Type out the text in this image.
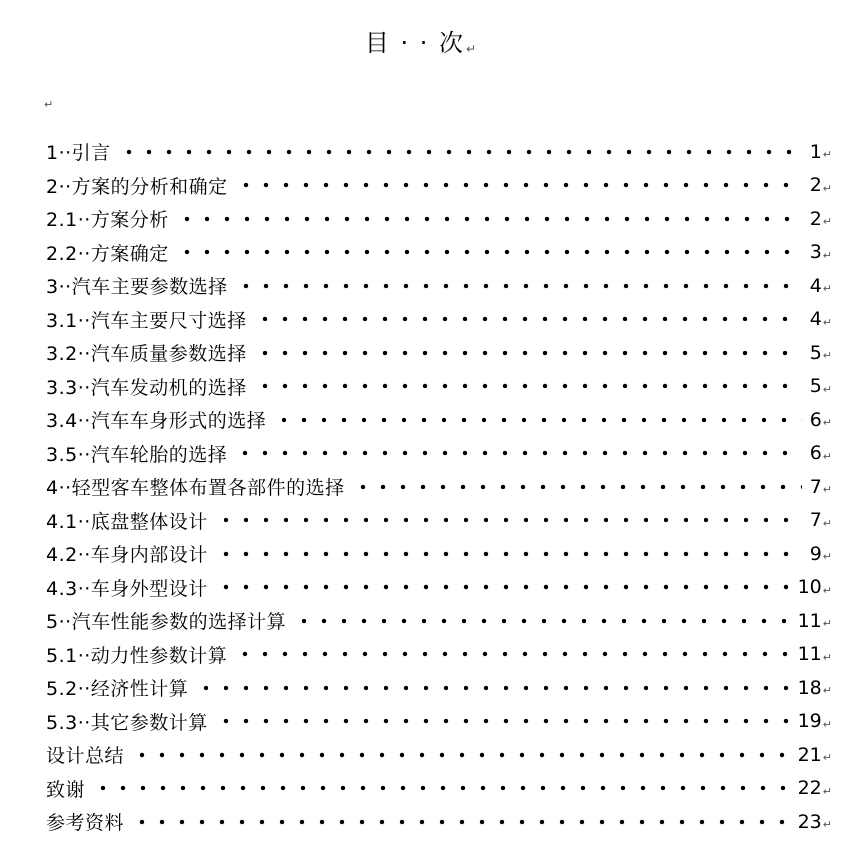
目 · · 次↵
↵
1··引言	1 ↵
2··方案的分析和确定	2 ↵
2.1··方案分析	2 ↵
2.2··方案确定	3 ↵
3··汽车主要参数选择	4 ↵
3.1··汽车主要尺寸选择	4 ↵
3.2··汽车质量参数选择	5 ↵
3.3··汽车发动机的选择	5 ↵
3.4··汽车车身形式的选择	6 ↵
3.5··汽车轮胎的选择	6 ↵
4··轻型客车整体布置各部件的选择	7 ↵
4.1··底盘整体设计	7 ↵
4.2··车身内部设计	9 ↵
4.3··车身外型设计	10 ↵
5··汽车性能参数的选择计算	11 ↵
5.1··动力性参数计算	11 ↵
5.2··经济性计算	18 ↵
5.3··其它参数计算	19 ↵
设计总结	21 ↵
致谢	22 ↵
参考资料	23 ↵
